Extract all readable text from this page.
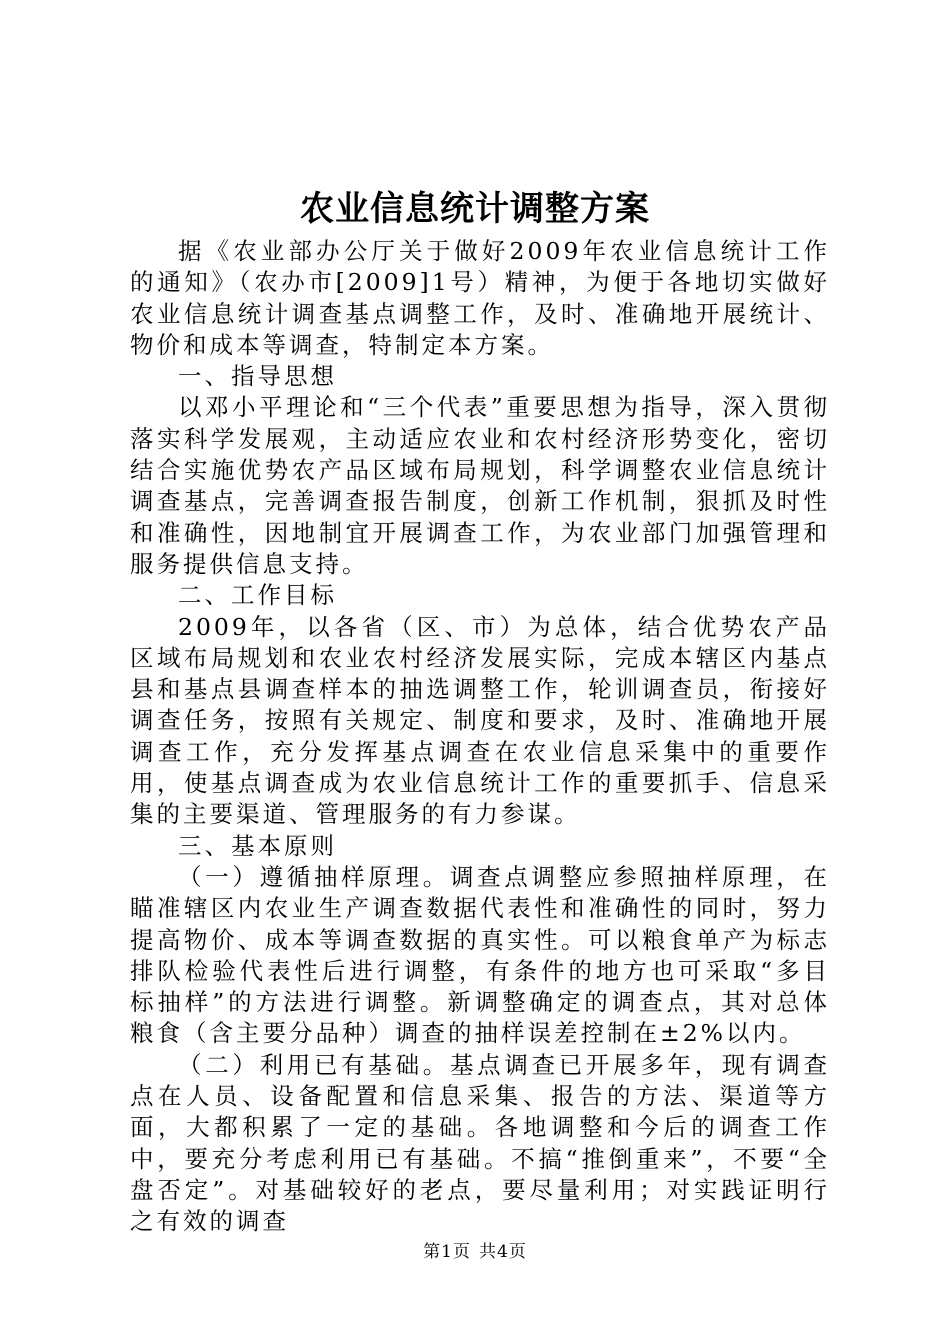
农业信息统计调整方案

据《农业部办公厅关于做好2009年农业信息统计工作的通知》（农办市[2009]1号）精神，为便于各地切实做好农业信息统计调查基点调整工作，及时、准确地开展统计、物价和成本等调查，特制定本方案。

一、指导思想

以邓小平理论和“三个代表”重要思想为指导，深入贯彻落实科学发展观，主动适应农业和农村经济形势变化，密切结合实施优势农产品区域布局规划，科学调整农业信息统计调查基点，完善调查报告制度，创新工作机制，狠抓及时性和准确性，因地制宜开展调查工作，为农业部门加强管理和服务提供信息支持。

二、工作目标

2009年，以各省（区、市）为总体，结合优势农产品区域布局规划和农业农村经济发展实际，完成本辖区内基点县和基点县调查样本的抽选调整工作，轮训调查员，衔接好调查任务，按照有关规定、制度和要求，及时、准确地开展调查工作，充分发挥基点调查在农业信息采集中的重要作用，使基点调查成为农业信息统计工作的重要抓手、信息采集的主要渠道、管理服务的有力参谋。

三、基本原则

（一）遵循抽样原理。调查点调整应参照抽样原理，在瞄准辖区内农业生产调查数据代表性和准确性的同时，努力提高物价、成本等调查数据的真实性。可以粮食单产为标志排队检验代表性后进行调整，有条件的地方也可采取“多目标抽样”的方法进行调整。新调整确定的调查点，其对总体粮食（含主要分品种）调查的抽样误差控制在±2%以内。

（二）利用已有基础。基点调查已开展多年，现有调查点在人员、设备配置和信息采集、报告的方法、渠道等方面，大都积累了一定的基础。各地调整和今后的调查工作中，要充分考虑利用已有基础。不搞“推倒重来”，不要“全盘否定”。对基础较好的老点，要尽量利用；对实践证明行之有效的调查

第1页 共4页
